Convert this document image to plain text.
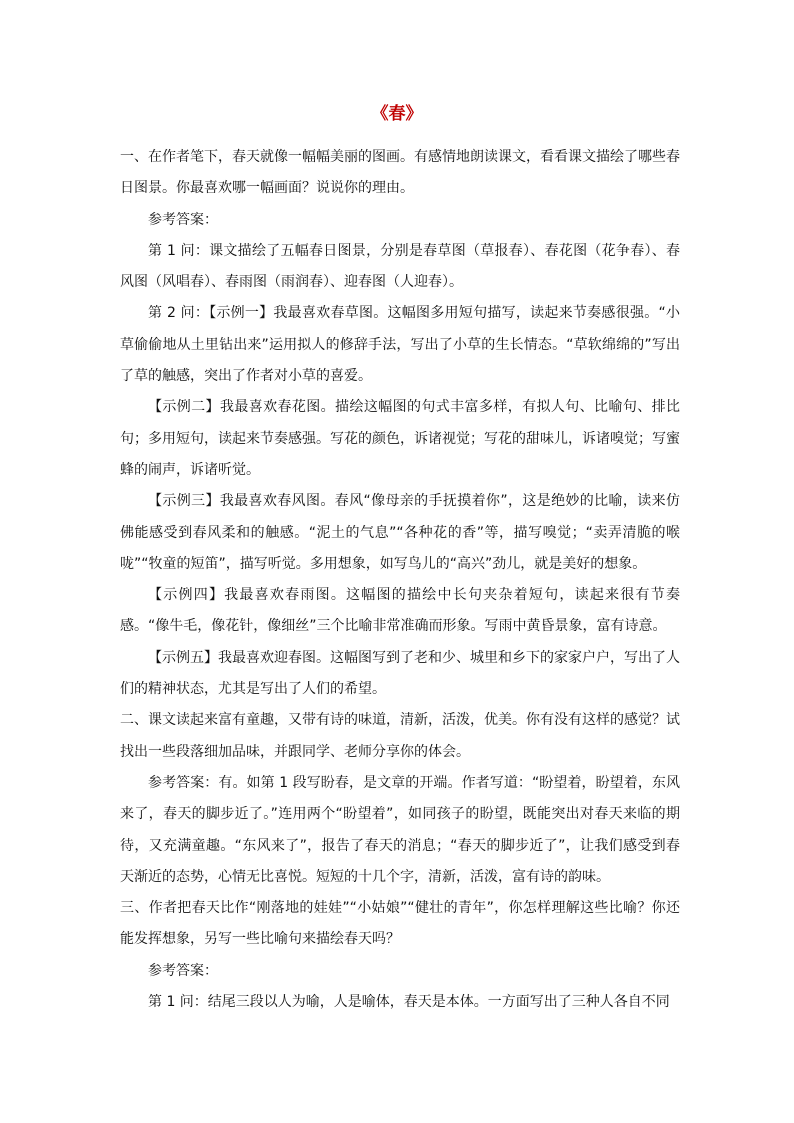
《春》

一、在作者笔下，春天就像一幅幅美丽的图画。有感情地朗读课文，看看课文描绘了哪些春日图景。你最喜欢哪一幅画面？说说你的理由。

参考答案：

第 1 问：课文描绘了五幅春日图景，分别是春草图（草报春）、春花图（花争春）、春风图（风唱春）、春雨图（雨润春）、迎春图（人迎春）。

第 2 问：【示例一】我最喜欢春草图。这幅图多用短句描写，读起来节奏感很强。“小草偷偷地从土里钻出来”运用拟人的修辞手法，写出了小草的生长情态。“草软绵绵的”写出了草的触感，突出了作者对小草的喜爱。

【示例二】我最喜欢春花图。描绘这幅图的句式丰富多样，有拟人句、比喻句、排比句；多用短句，读起来节奏感强。写花的颜色，诉诸视觉；写花的甜味儿，诉诸嗅觉；写蜜蜂的闹声，诉诸听觉。

【示例三】我最喜欢春风图。春风“像母亲的手抚摸着你”，这是绝妙的比喻，读来仿佛能感受到春风柔和的触感。“泥土的气息”“各种花的香”等，描写嗅觉；“卖弄清脆的喉咙”“牧童的短笛”，描写听觉。多用想象，如写鸟儿的“高兴”劲儿，就是美好的想象。

【示例四】我最喜欢春雨图。这幅图的描绘中长句夹杂着短句，读起来很有节奏感。“像牛毛，像花针，像细丝”三个比喻非常准确而形象。写雨中黄昏景象，富有诗意。

【示例五】我最喜欢迎春图。这幅图写到了老和少、城里和乡下的家家户户，写出了人们的精神状态，尤其是写出了人们的希望。

二、课文读起来富有童趣，又带有诗的味道，清新，活泼，优美。你有没有这样的感觉？试找出一些段落细加品味，并跟同学、老师分享你的体会。

参考答案：有。如第 1 段写盼春，是文章的开端。作者写道：“盼望着，盼望着，东风来了，春天的脚步近了。”连用两个“盼望着”，如同孩子的盼望，既能突出对春天来临的期待，又充满童趣。“东风来了”，报告了春天的消息；“春天的脚步近了”，让我们感受到春天渐近的态势，心情无比喜悦。短短的十几个字，清新，活泼，富有诗的韵味。

三、作者把春天比作“刚落地的娃娃”“小姑娘”“健壮的青年”，你怎样理解这些比喻？你还能发挥想象，另写一些比喻句来描绘春天吗？

参考答案：

第 1 问：结尾三段以人为喻，人是喻体，春天是本体。一方面写出了三种人各自不同
